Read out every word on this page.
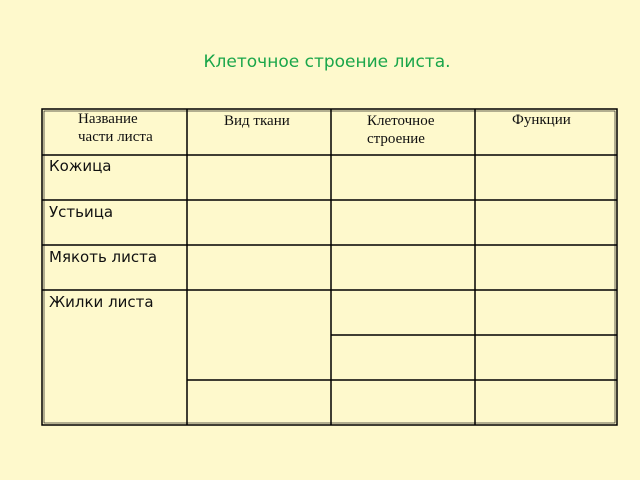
Клеточное строение листа.
Название
части листа
Вид ткани	Клеточное
строение
Функции
Кожица
Устьица
Мякоть листа
Жилки листа
